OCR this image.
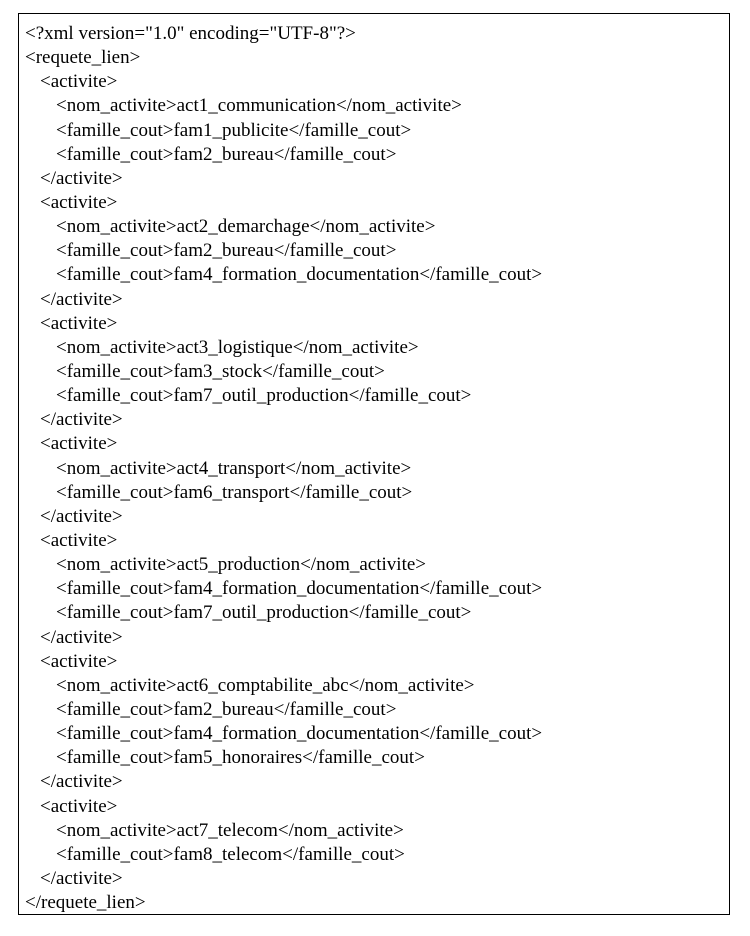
<?xml version="1.0" encoding="UTF-8"?>
<requete_lien>
<activite>
<nom_activite>act1_communication</nom_activite>
<famille_cout>fam1_publicite</famille_cout>
<famille_cout>fam2_bureau</famille_cout>
</activite>
<activite>
<nom_activite>act2_demarchage</nom_activite>
<famille_cout>fam2_bureau</famille_cout>
<famille_cout>fam4_formation_documentation</famille_cout>
</activite>
<activite>
<nom_activite>act3_logistique</nom_activite>
<famille_cout>fam3_stock</famille_cout>
<famille_cout>fam7_outil_production</famille_cout>
</activite>
<activite>
<nom_activite>act4_transport</nom_activite>
<famille_cout>fam6_transport</famille_cout>
</activite>
<activite>
<nom_activite>act5_production</nom_activite>
<famille_cout>fam4_formation_documentation</famille_cout>
<famille_cout>fam7_outil_production</famille_cout>
</activite>
<activite>
<nom_activite>act6_comptabilite_abc</nom_activite>
<famille_cout>fam2_bureau</famille_cout>
<famille_cout>fam4_formation_documentation</famille_cout>
<famille_cout>fam5_honoraires</famille_cout>
</activite>
<activite>
<nom_activite>act7_telecom</nom_activite>
<famille_cout>fam8_telecom</famille_cout>
</activite>
</requete_lien>
